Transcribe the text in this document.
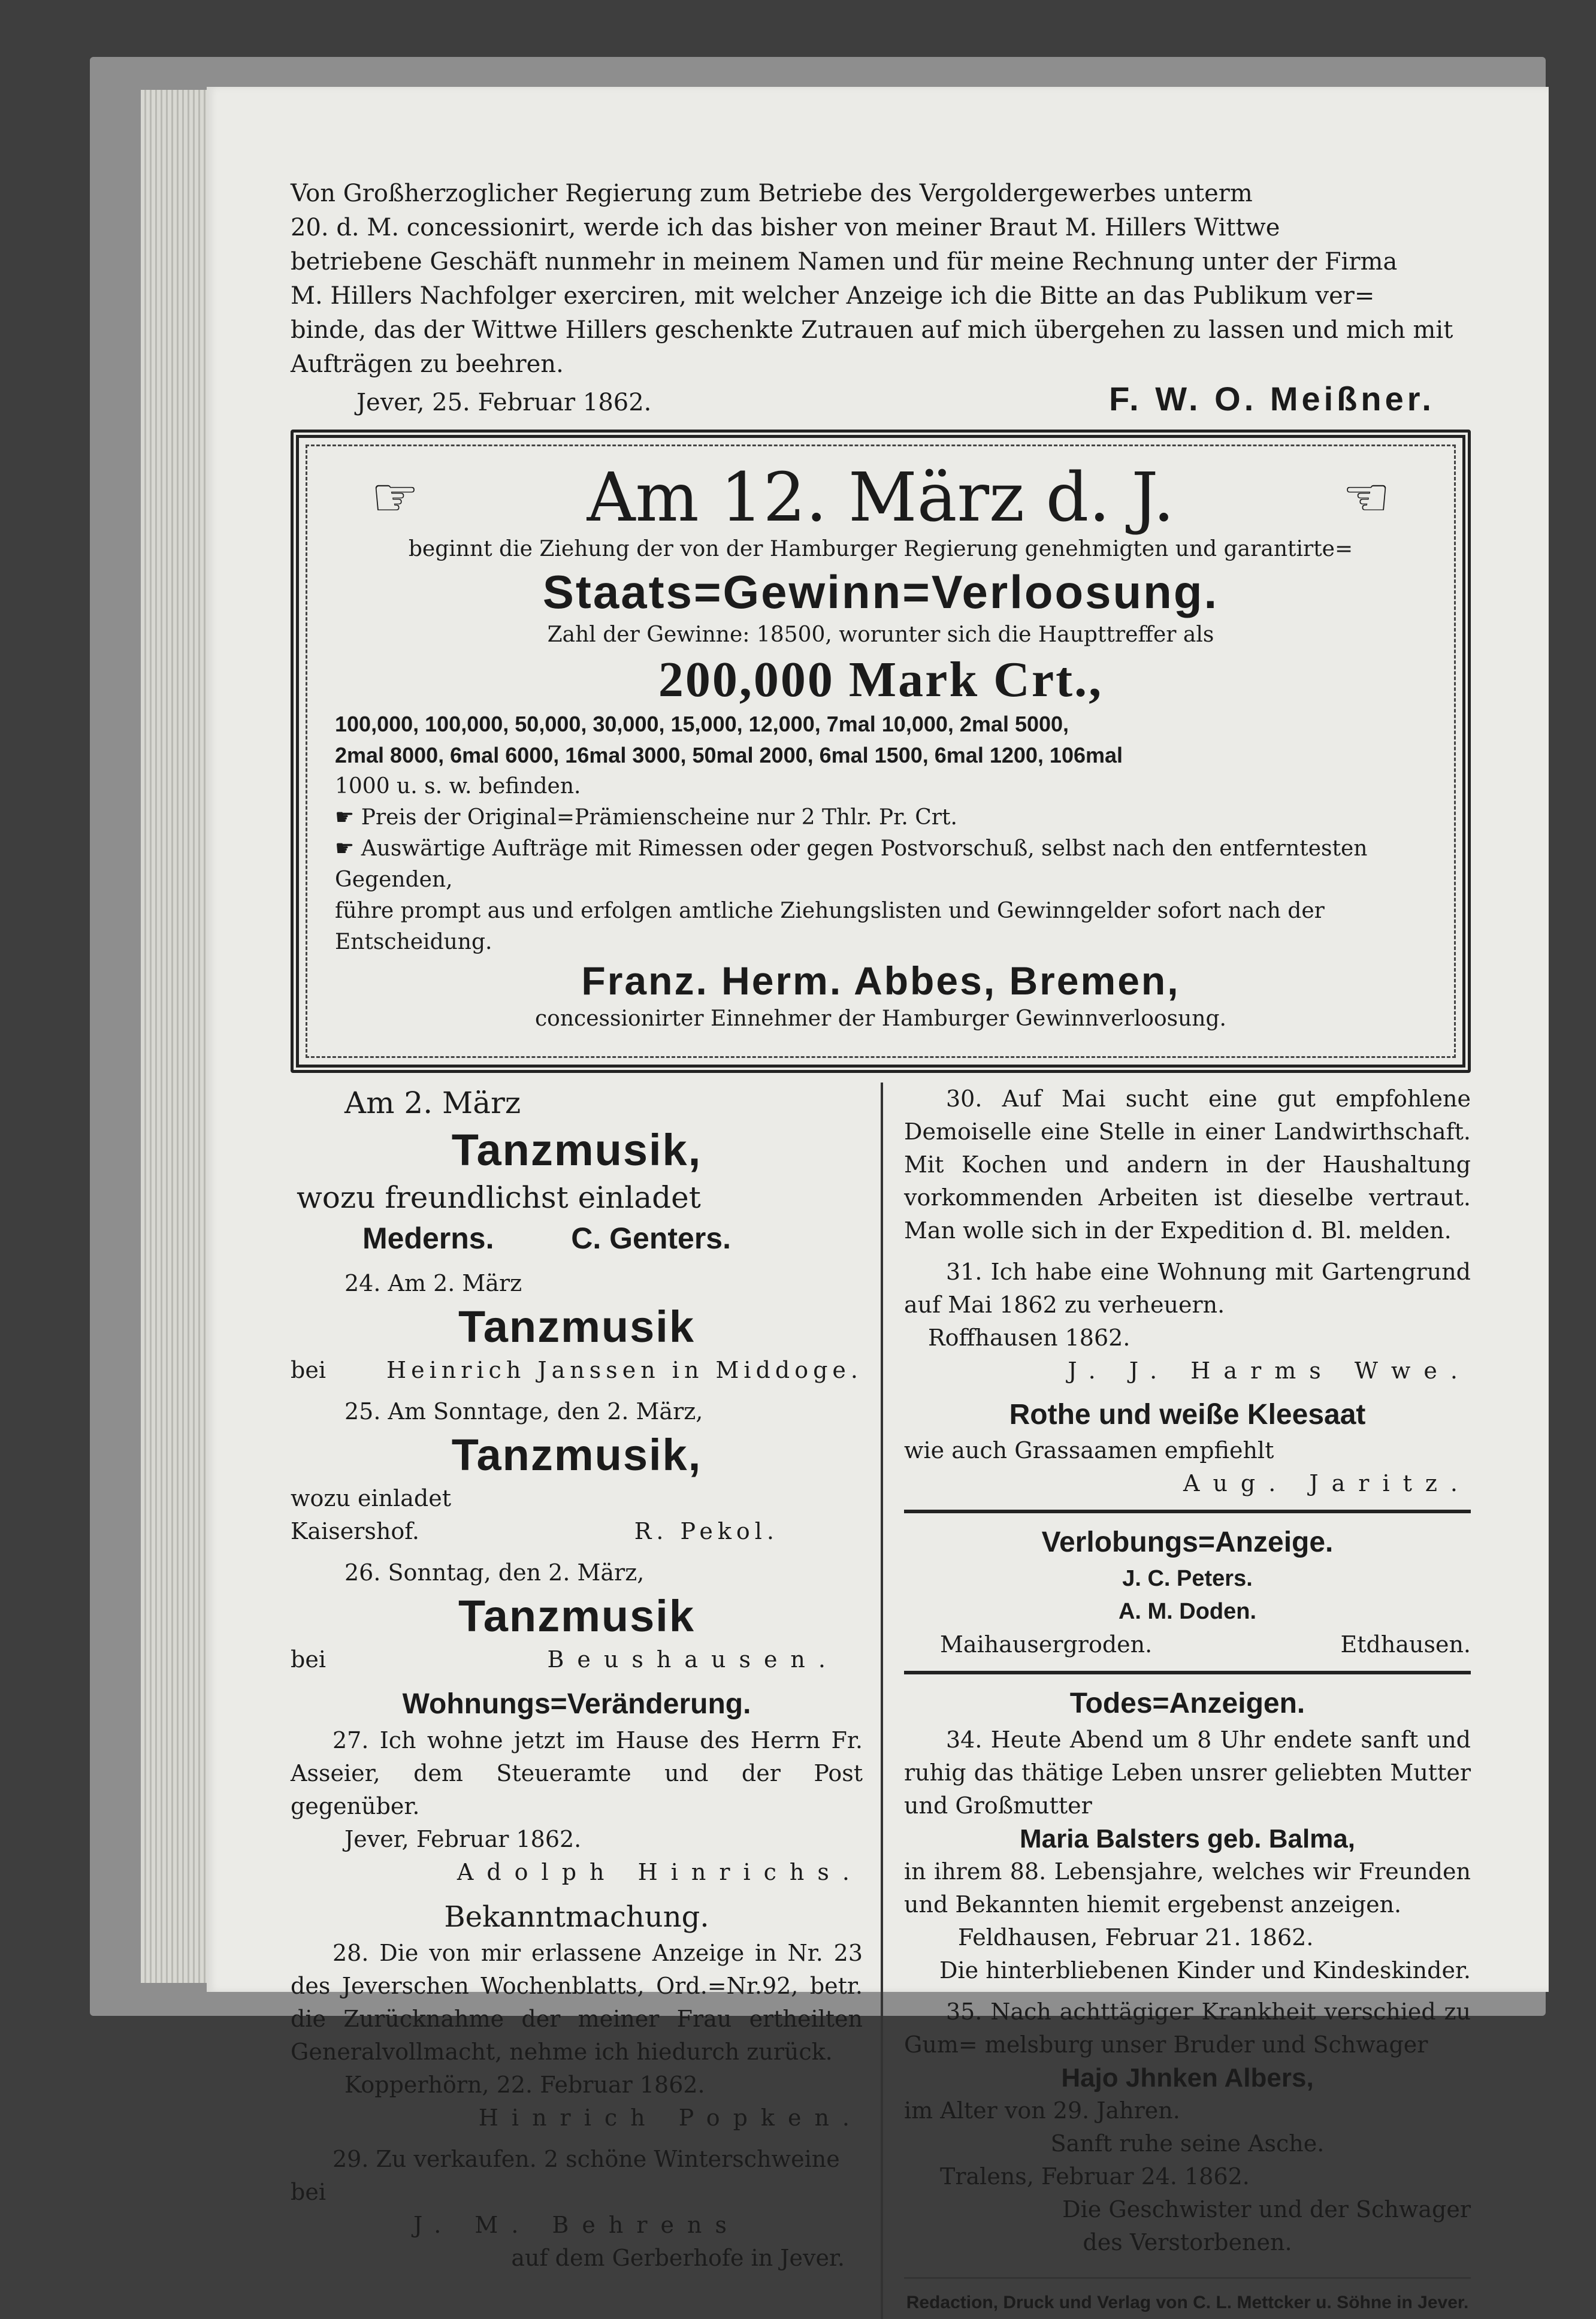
Von Großherzoglicher Regierung zum Betriebe des Vergoldergewerbes unterm
20. d. M. concessionirt, werde ich das bisher von meiner Braut M. Hillers Wittwe
betriebene Geschäft nunmehr in meinem Namen und für meine Rechnung unter der Firma
M. Hillers Nachfolger exerciren, mit welcher Anzeige ich die Bitte an das Publikum ver=
binde, das der Wittwe Hillers geschenkte Zutrauen auf mich übergehen zu lassen und mich mit
Aufträgen zu beehren.
Jever, 25. Februar 1862.	F. W. O. Meißner.
☞ Am 12. März d. J.	☜
beginnt die Ziehung der von der Hamburger Regierung genehmigten und garantirte=
Staats=Gewinn=Verloosung.
Zahl der Gewinne: 18500, worunter sich die Haupttreffer als
200,000 Mark Crt.,
100,000, 100,000, 50,000, 30,000, 15,000, 12,000, 7mal 10,000, 2mal 5000,
2mal 8000, 6mal 6000, 16mal 3000, 50mal 2000, 6mal 1500, 6mal 1200, 106mal
1000 u. s. w. befinden.
☛ Preis der Original=Prämienscheine nur 2 Thlr. Pr. Crt.
☛ Auswärtige Aufträge mit Rimessen oder gegen Postvorschuß, selbst nach den entferntesten Gegenden,
führe prompt aus und erfolgen amtliche Ziehungslisten und Gewinngelder sofort nach der Entscheidung.
Franz. Herm. Abbes, Bremen,
concessionirter Einnehmer der Hamburger Gewinnverloosung.
Am 2. März
Tanzmusik,
wozu freundlichst einladet
Mederns.	C. Genters.
24. Am 2. März
Tanzmusik
bei	Heinrich Janssen in Middoge.
25. Am Sonntage, den 2. März,
Tanzmusik,
wozu einladet
Kaisershof.	R. Pekol.
26. Sonntag, den 2. März,
Tanzmusik
bei	Beushausen.
Wohnungs=Veränderung.
27. Ich wohne jetzt im Hause des Herrn Fr. Asseier, dem Steueramte und der Post gegenüber.
Jever, Februar 1862.
Adolph Hinrichs.
Bekanntmachung.
28. Die von mir erlassene Anzeige in Nr. 23 des Jeverschen Wochenblatts, Ord.=Nr.92, betr. die Zurücknahme der meiner Frau ertheilten Generalvollmacht, nehme ich hiedurch zurück.
Kopperhörn, 22. Februar 1862.
Hinrich Popken.
29. Zu verkaufen. 2 schöne Winterschweine bei
J. M. Behrens
auf dem Gerberhofe in Jever.
30. Auf Mai sucht eine gut empfohlene Demoiselle eine Stelle in einer Landwirthschaft. Mit Kochen und andern in der Haushaltung vorkommenden Arbeiten ist dieselbe vertraut. Man wolle sich in der Expedition d. Bl. melden.
31. Ich habe eine Wohnung mit Gartengrund auf Mai 1862 zu verheuern.
Roffhausen 1862.
J. J. Harms Wwe.
Rothe und weiße Kleesaat
wie auch Grassaamen empfiehlt
Aug. Jaritz.
Verlobungs=Anzeige.
J. C. Peters.
A. M. Doden.
Maihausergroden.	Etdhausen.
Todes=Anzeigen.
34. Heute Abend um 8 Uhr endete sanft und ruhig das thätige Leben unsrer geliebten Mutter und Großmutter
Maria Balsters geb. Balma,
in ihrem 88. Lebensjahre, welches wir Freunden und Bekannten hiemit ergebenst anzeigen.
Feldhausen, Februar 21. 1862.
Die hinterbliebenen Kinder und Kindeskinder.
35. Nach achttägiger Krankheit verschied zu Gum= melsburg unser Bruder und Schwager
Hajo Jhnken Albers,
im Alter von 29. Jahren.
Sanft ruhe seine Asche.
Tralens, Februar 24. 1862.
Die Geschwister und der Schwager
des Verstorbenen.
Redaction, Druck und Verlag von C. L. Mettcker u. Söhne in Jever.
